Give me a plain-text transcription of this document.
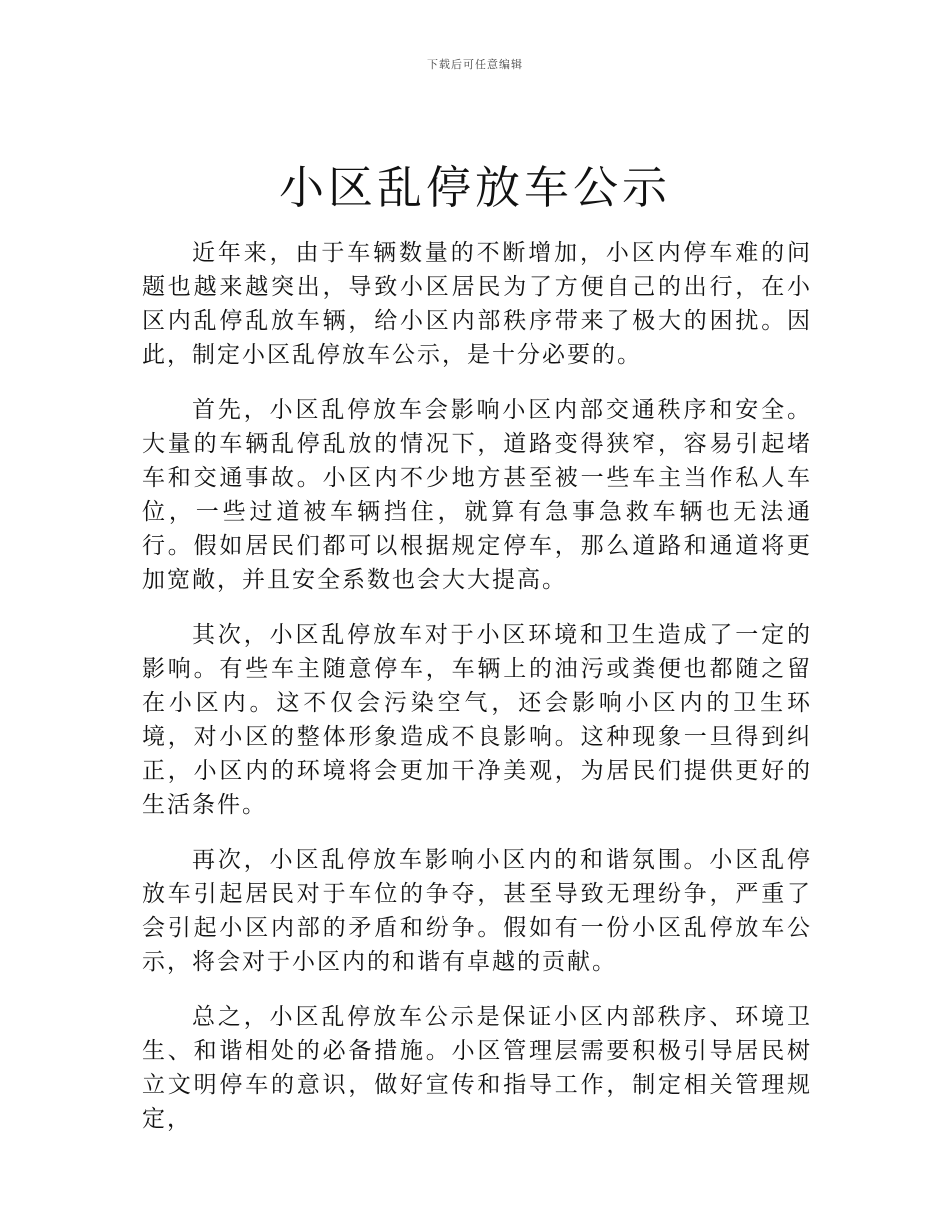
下载后可任意编辑
小区乱停放车公示

近年来，由于车辆数量的不断增加，小区内停车难的问题也越来越突出，导致小区居民为了方便自己的出行，在小区内乱停乱放车辆，给小区内部秩序带来了极大的困扰。因此，制定小区乱停放车公示，是十分必要的。

首先，小区乱停放车会影响小区内部交通秩序和安全。大量的车辆乱停乱放的情况下，道路变得狭窄，容易引起堵车和交通事故。小区内不少地方甚至被一些车主当作私人车位，一些过道被车辆挡住，就算有急事急救车辆也无法通行。假如居民们都可以根据规定停车，那么道路和通道将更加宽敞，并且安全系数也会大大提高。

其次，小区乱停放车对于小区环境和卫生造成了一定的影响。有些车主随意停车，车辆上的油污或粪便也都随之留在小区内。这不仅会污染空气，还会影响小区内的卫生环境，对小区的整体形象造成不良影响。这种现象一旦得到纠正，小区内的环境将会更加干净美观，为居民们提供更好的生活条件。

再次，小区乱停放车影响小区内的和谐氛围。小区乱停放车引起居民对于车位的争夺，甚至导致无理纷争，严重了会引起小区内部的矛盾和纷争。假如有一份小区乱停放车公示，将会对于小区内的和谐有卓越的贡献。

总之，小区乱停放车公示是保证小区内部秩序、环境卫生、和谐相处的必备措施。小区管理层需要积极引导居民树立文明停车的意识，做好宣传和指导工作，制定相关管理规定，
